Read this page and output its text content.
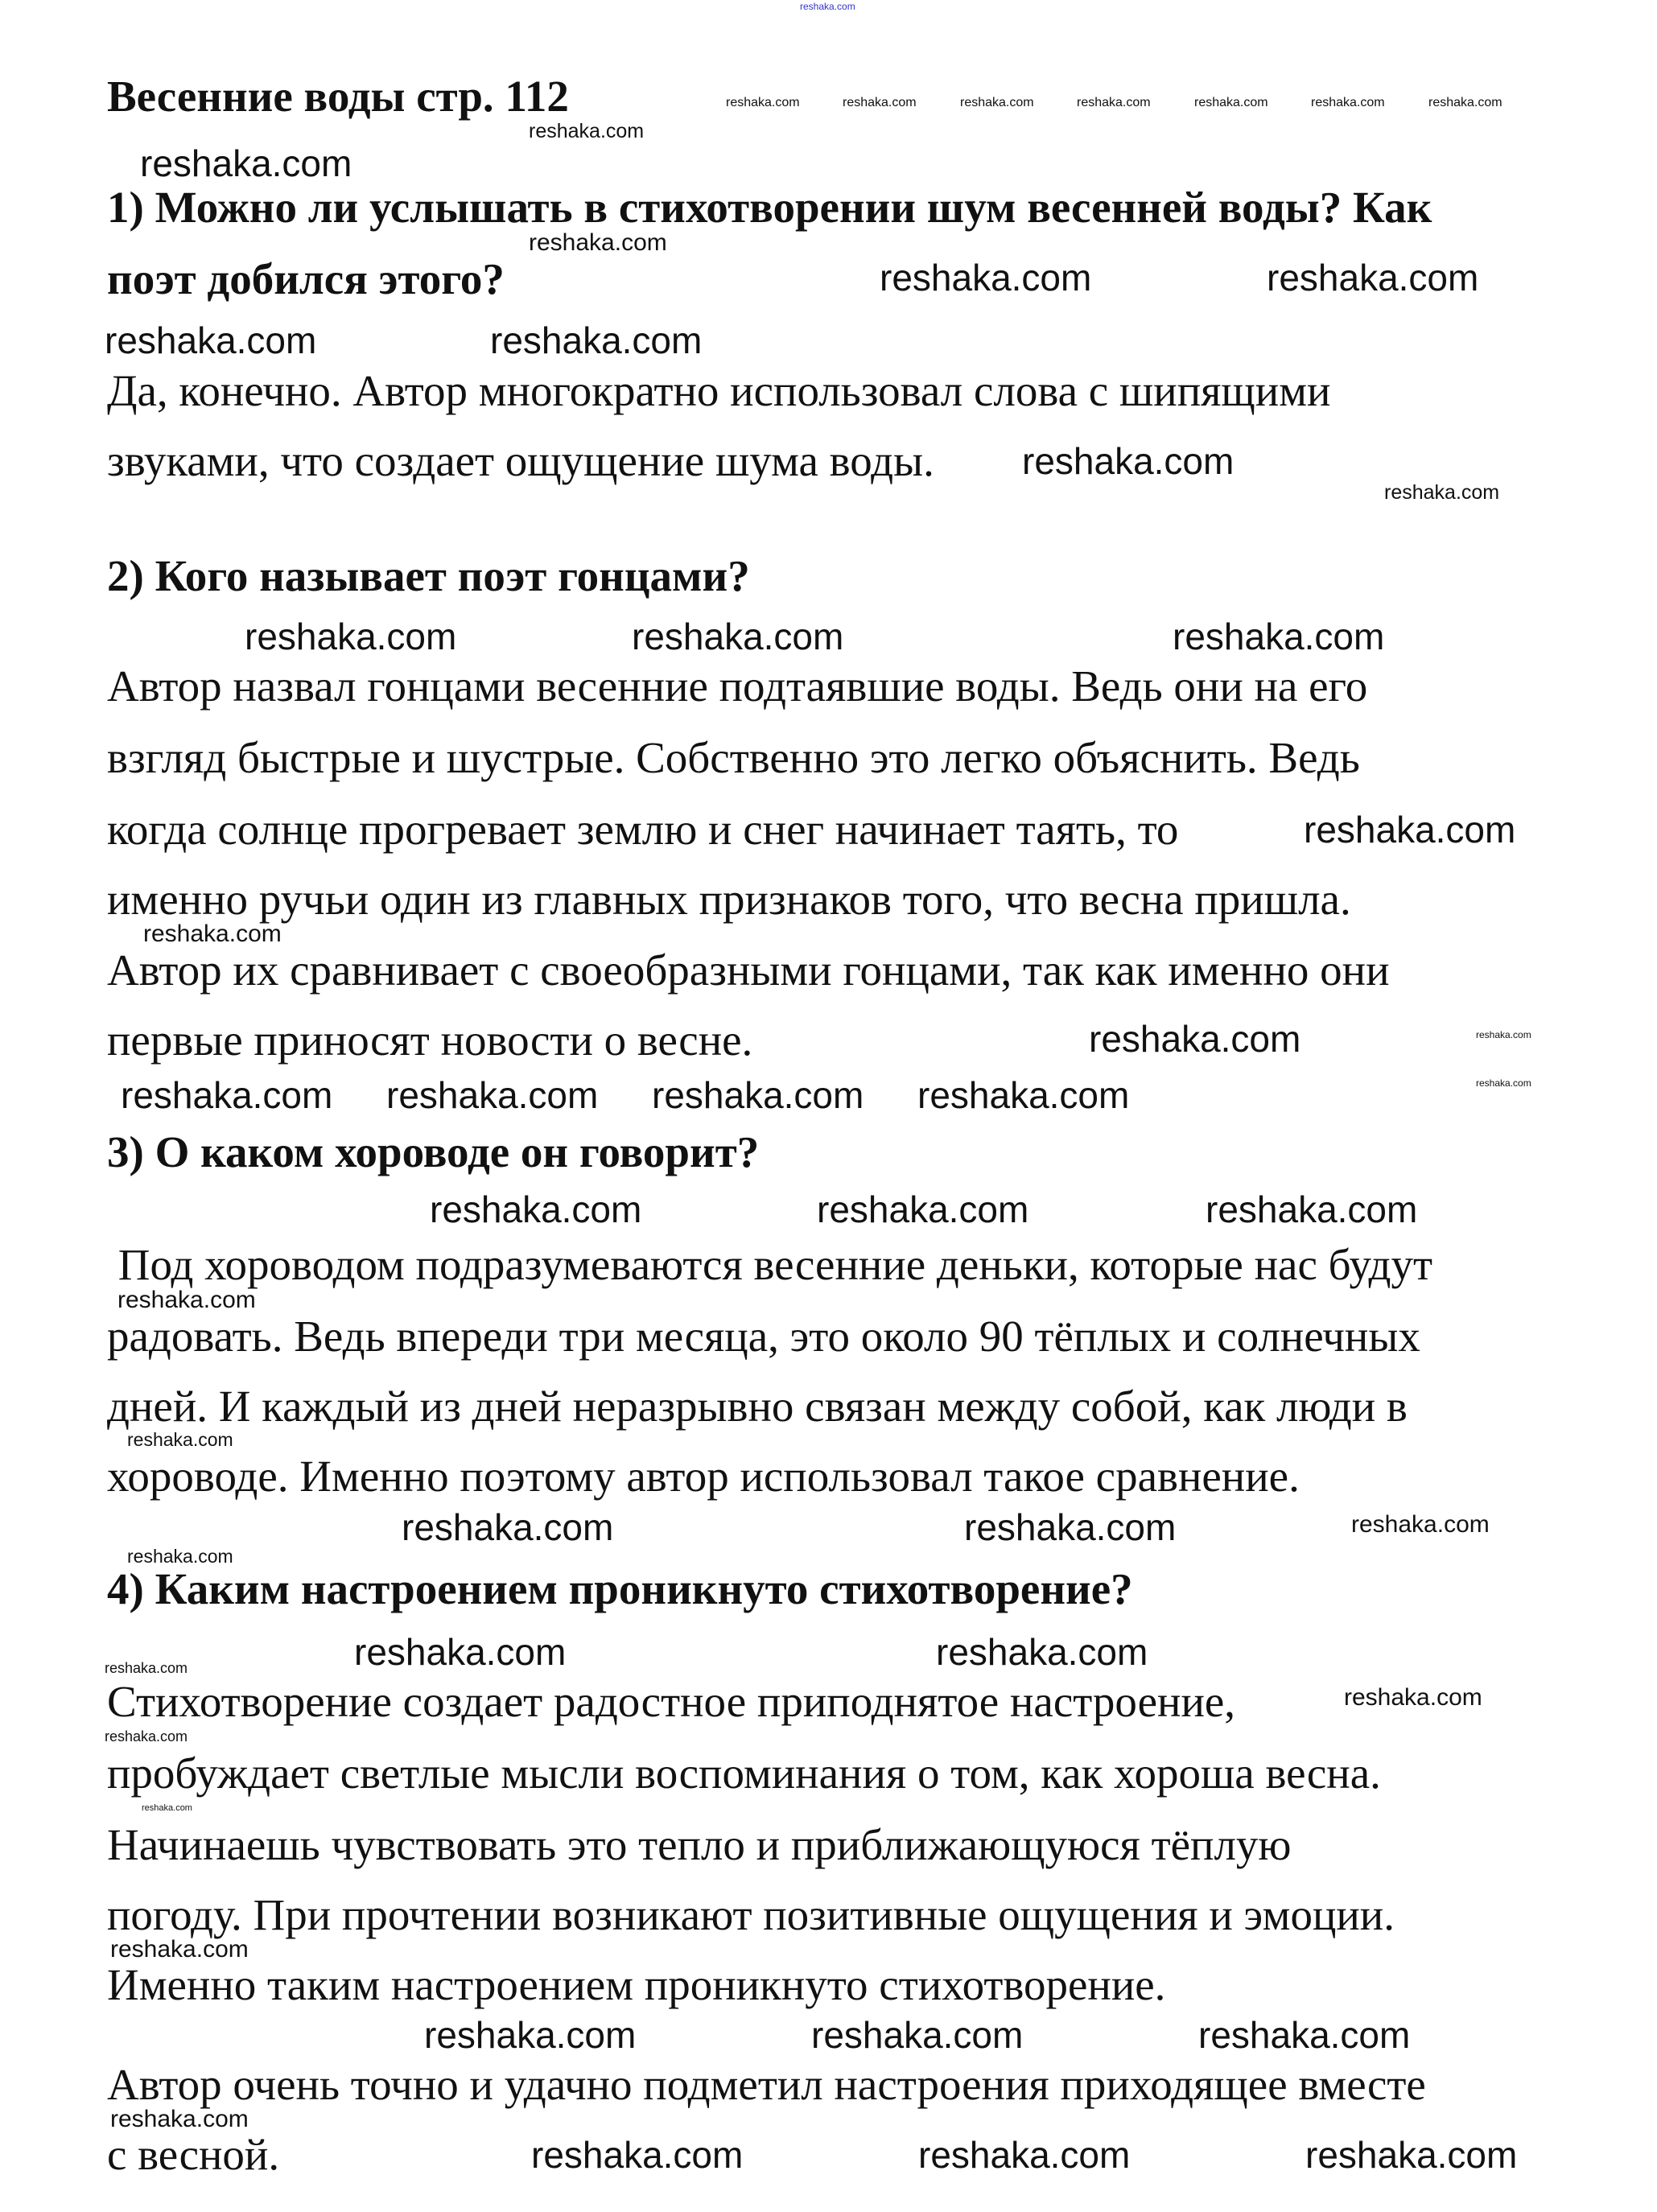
Весенние воды стр. 112
1) Можно ли услышать в стихотворении шум весенней воды? Как
поэт добился этого?
Да, конечно. Автор многократно использовал слова с шипящими
звуками, что создает ощущение шума воды.
2) Кого называет поэт гонцами?
Автор назвал гонцами весенние подтаявшие воды. Ведь они на его
взгляд быстрые и шустрые. Собственно это легко объяснить. Ведь
когда солнце прогревает землю и снег начинает таять, то
именно ручьи один из главных признаков того, что весна пришла.
Автор их сравнивает с своеобразными гонцами, так как именно они
первые приносят новости о весне.
3) О каком хороводе он говорит?
Под хороводом подразумеваются весенние деньки, которые нас будут
радовать. Ведь впереди три месяца, это около 90 тёплых и солнечных
дней. И каждый из дней неразрывно связан между собой, как люди в
хороводе. Именно поэтому автор использовал такое сравнение.
4) Каким настроением проникнуто стихотворение?
Стихотворение создает радостное приподнятое настроение,
пробуждает светлые мысли воспоминания о том, как хороша весна.
Начинаешь чувствовать это тепло и приближающуюся тёплую
погоду. При прочтении возникают позитивные ощущения и эмоции.
Именно таким настроением проникнуто стихотворение.
Автор очень точно и удачно подметил настроения приходящее вместе
с весной.
reshaka.com
reshaka.com	reshaka.com	reshaka.com	reshaka.com	reshaka.com	reshaka.com	reshaka.com
reshaka.com
reshaka.com
reshaka.com
reshaka.com	reshaka.com
reshaka.com	reshaka.com
reshaka.com
reshaka.com
reshaka.com	reshaka.com	reshaka.com
reshaka.com reshaka.com
reshaka.com
reshaka.com
reshaka.com
reshaka.com
reshaka.com
reshaka.com reshaka.com
reshaka.com
reshaka.com	reshaka.com	reshaka.com
reshaka.com
reshaka.com	reshaka.com	reshaka.com
reshaka.com
reshaka.com
reshaka.com
reshaka.com
reshaka.com	reshaka.com
reshaka.com
reshaka.com
reshaka.com	reshaka.com	reshaka.com
reshaka.com
reshaka.com	reshaka.com	reshaka.com
